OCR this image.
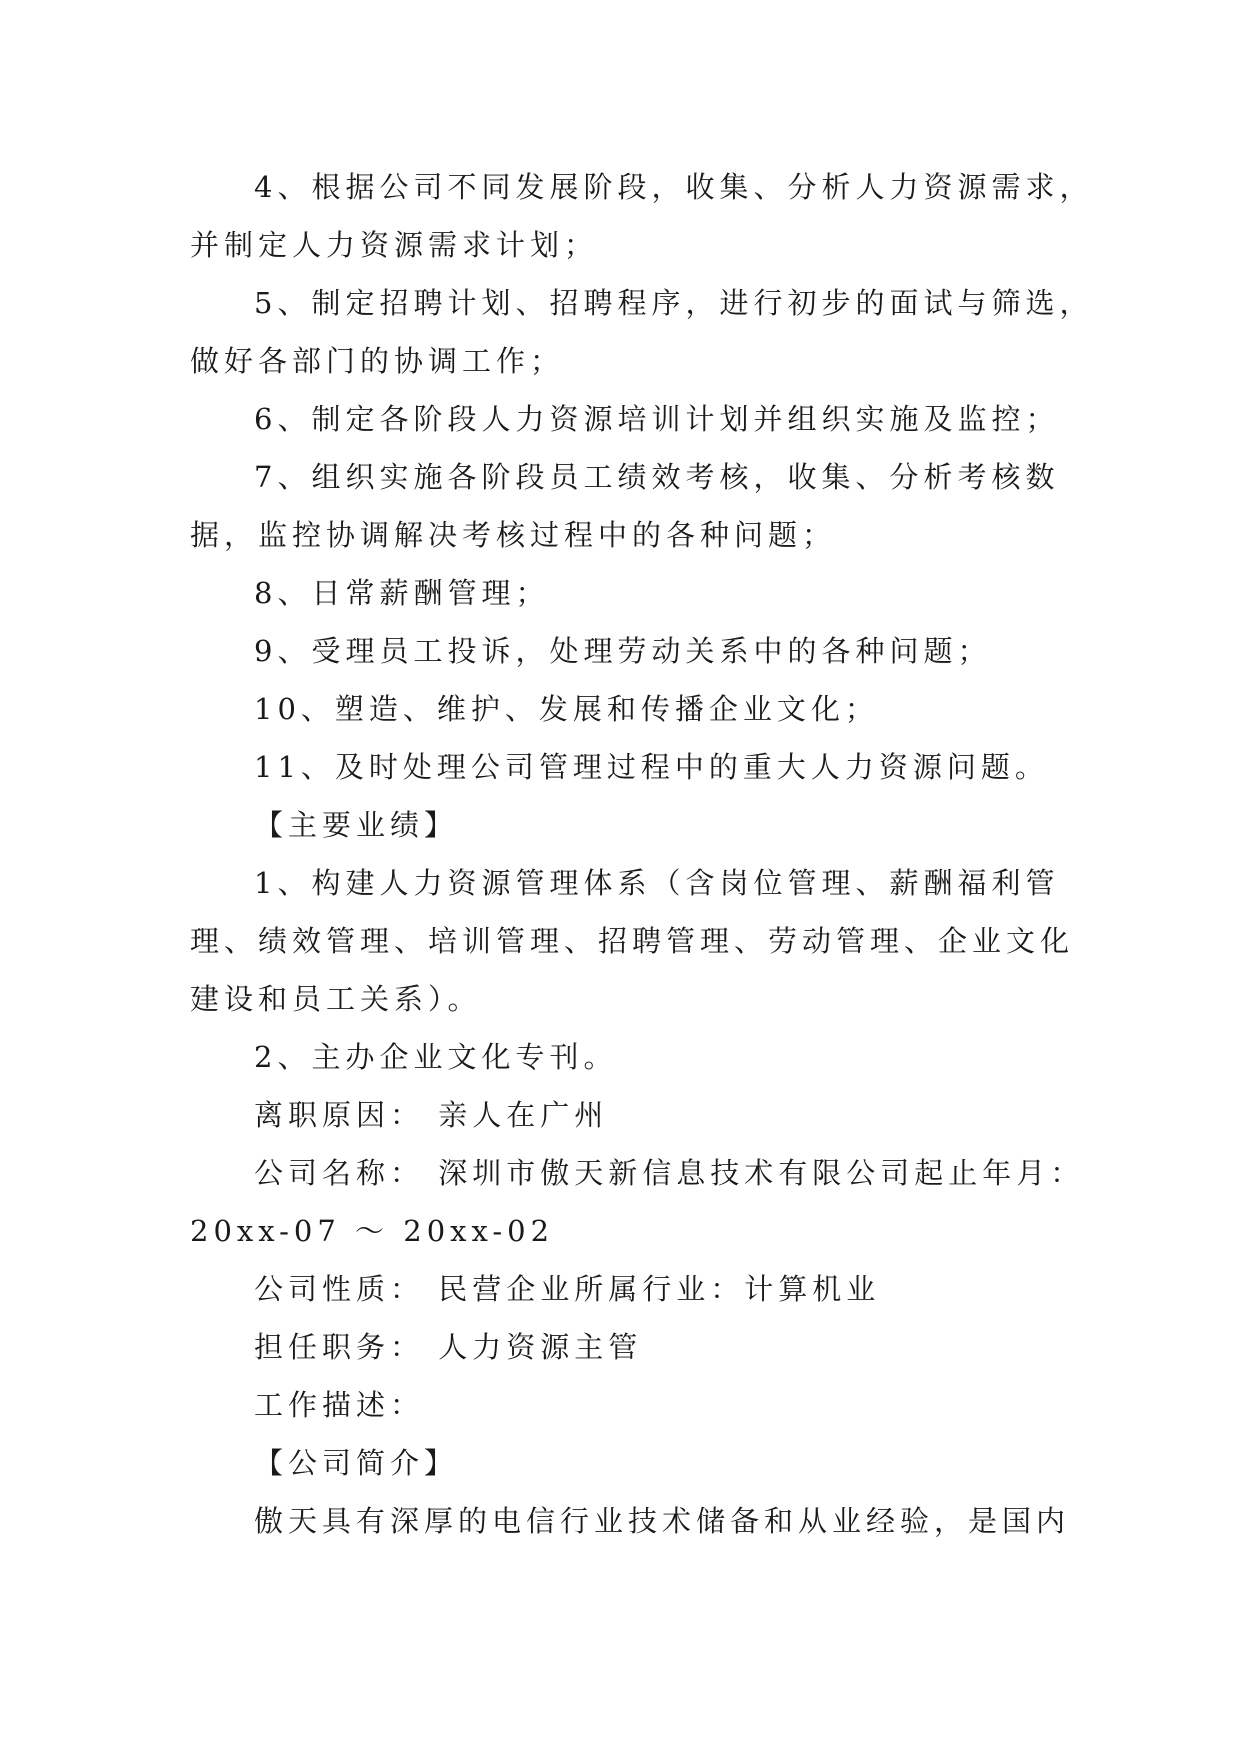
4、根据公司不同发展阶段，收集、分析人力资源需求，
并制定人力资源需求计划；

5、制定招聘计划、招聘程序，进行初步的面试与筛选，
做好各部门的协调工作；

6、制定各阶段人力资源培训计划并组织实施及监控；

7、组织实施各阶段员工绩效考核，收集、分析考核数
据，监控协调解决考核过程中的各种问题；

8、日常薪酬管理；

9、受理员工投诉，处理劳动关系中的各种问题；

10、塑造、维护、发展和传播企业文化；

11、及时处理公司管理过程中的重大人力资源问题。

【主要业绩】

1、构建人力资源管理体系（含岗位管理、薪酬福利管
理、绩效管理、培训管理、招聘管理、劳动管理、企业文化
建设和员工关系）。

2、主办企业文化专刊。

离职原因： 亲人在广州

公司名称： 深圳市傲天新信息技术有限公司起止年月：
20xx-07 ～ 20xx-02

公司性质： 民营企业所属行业：计算机业

担任职务： 人力资源主管

工作描述：

【公司简介】

傲天具有深厚的电信行业技术储备和从业经验，是国内
